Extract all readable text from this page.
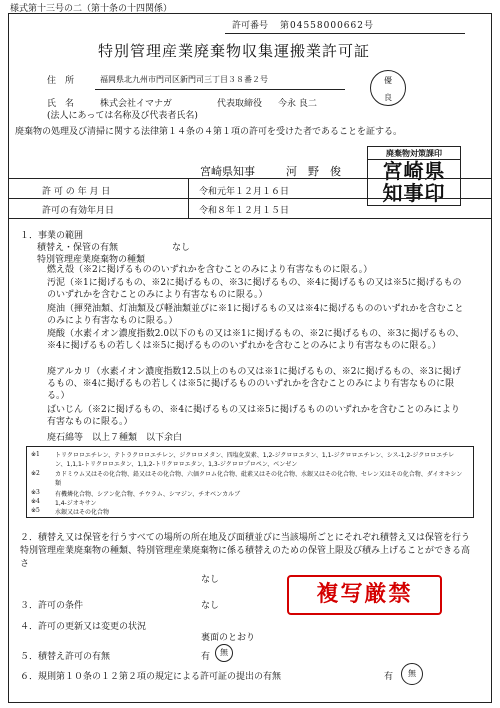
様式第十三号の二（第十条の十四関係）
許可番号 第04558000662号
特別管理産業廃棄物収集運搬業許可証
住　所	福岡県北九州市門司区新門司三丁目３８番２号
氏　名	株式会社イマナガ	代表取締役 今永 良二
(法人にあっては名称及び代表者氏名)
優
良
廃棄物の処理及び清掃に関する法律第１４条の４第１項の許可を受けた者であることを証する。
宮崎県知事	河　野　俊
廃棄物対策課印
宮崎県
知事印
許 可 の 年 月 日	令和元年１２月１６日
許可の有効年月日	令和８年１２月１５日
１．事業の範囲
積替え・保管の有無	なし
特別管理産業廃棄物の種類
燃え殻（※2に掲げるもののいずれかを含むことのみにより有害なものに限る。）
汚泥（※1に掲げるもの、※2に掲げるもの、※3に掲げるもの、※4に掲げるもの又は※5に掲げるもののいずれかを含むことのみにより有害なものに限る。）
廃油（揮発油類、灯油類及び軽油類並びに※1に掲げるもの又は※4に掲げるもののいずれかを含むことのみにより有害なものに限る。）
廃酸（水素イオン濃度指数2.0以下のもの又は※1に掲げるもの、※2に掲げるもの、※3に掲げるもの、※4に掲げるもの若しくは※5に掲げるもののいずれかを含むことのみにより有害なものに限る。）
廃アルカリ（水素イオン濃度指数12.5以上のもの又は※1に掲げるもの、※2に掲げるもの、※3に掲げるもの、※4に掲げるもの若しくは※5に掲げるもののいずれかを含むことのみにより有害なものに限る。）
ばいじん（※2に掲げるもの、※4に掲げるもの又は※5に掲げるもののいずれかを含むことのみにより有害なものに限る。）
廃石綿等　以上７種類　以下余白
※1	トリクロロエチレン、テトラクロロエチレン、ジクロロメタン、四塩化炭素、1,2-ジクロロエタン、1,1-ジクロロエチレン、シス-1,2-ジクロロエチレン、1,1,1-トリクロロエタン、1,1,2-トリクロロエタン、1,3-ジクロロプロペン、ベンゼン
※2	カドミウム又はその化合物、鉛又はその化合物、六価クロム化合物、砒素又はその化合物、水銀又はその化合物、セレン又はその化合物、ダイオキシン類
※3	有機燐化合物、シアン化合物、チウラム、シマジン、チオベンカルブ
※4	1,4-ジオキサン
※5	水銀又はその化合物
２．積替え又は保管を行うすべての場所の所在地及び面積並びに当該場所ごとにそれぞれ積替え又は保管を行う特別管理産業廃棄物の種類、特別管理産業廃棄物に係る積替えのための保管上限及び積み上げることができる高さ
なし
３．許可の条件	なし
４．許可の更新又は変更の状況
裏面のとおり
５．積替え許可の有無	有	無
６．規則第１０条の１２第２項の規定による許可証の提出の有無	有	無
複写厳禁
